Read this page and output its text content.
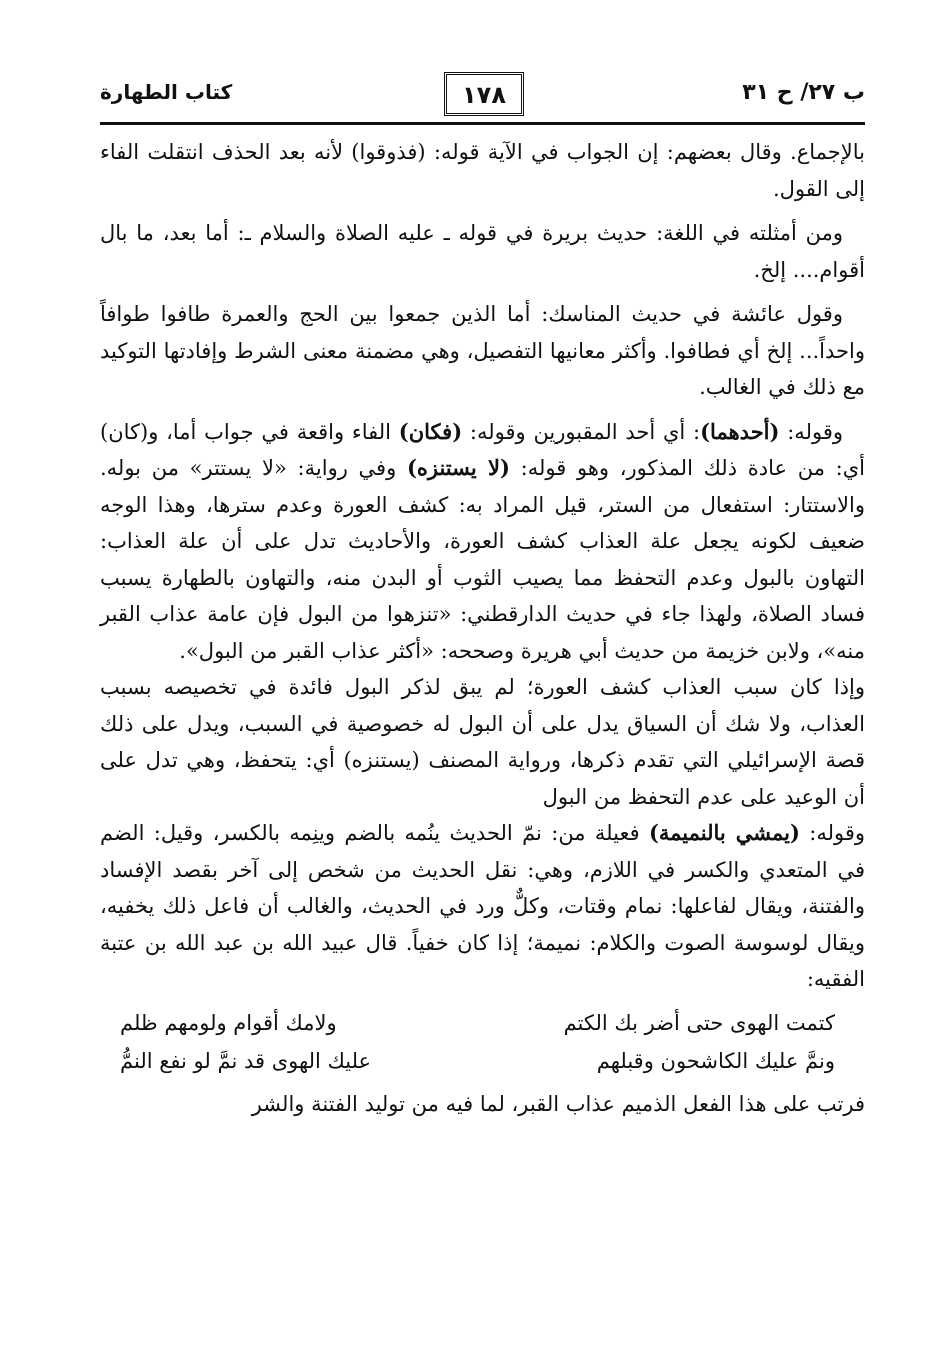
ب ٢٧/ ح ٣١
١٧٨
كتاب الطهارة

بالإجماع. وقال بعضهم: إن الجواب في الآية قوله: (فذوقوا) لأنه بعد الحذف انتقلت الفاء إلى القول.

ومن أمثلته في اللغة: حديث بريرة في قوله ـ عليه الصلاة والسلام ـ: أما بعد، ما بال أقوام.... إلخ.

وقول عائشة في حديث المناسك: أما الذين جمعوا بين الحج والعمرة طافوا طوافاً واحداً... إلخ أي فطافوا. وأكثر معانيها التفصيل، وهي مضمنة معنى الشرط وإفادتها التوكيد مع ذلك في الغالب.

وقوله: (أحدهما): أي أحد المقبورين وقوله: (فكان) الفاء واقعة في جواب أما، و(كان) أي: من عادة ذلك المذكور، وهو قوله: (لا يستنزه) وفي رواية: «لا يستتر» من بوله. والاستتار: استفعال من الستر، قيل المراد به: كشف العورة وعدم سترها، وهذا الوجه ضعيف لكونه يجعل علة العذاب كشف العورة، والأحاديث تدل على أن علة العذاب: التهاون بالبول وعدم التحفظ مما يصيب الثوب أو البدن منه، والتهاون بالطهارة يسبب فساد الصلاة، ولهذا جاء في حديث الدارقطني: «تنزهوا من البول فإن عامة عذاب القبر منه»، ولابن خزيمة من حديث أبي هريرة وصححه: «أكثر عذاب القبر من البول».

وإذا كان سبب العذاب كشف العورة؛ لم يبق لذكر البول فائدة في تخصيصه بسبب العذاب، ولا شك أن السياق يدل على أن البول له خصوصية في السبب، ويدل على ذلك قصة الإسرائيلي التي تقدم ذكرها، ورواية المصنف (يستنزه) أي: يتحفظ، وهي تدل على أن الوعيد على عدم التحفظ من البول

وقوله: (يمشي بالنميمة) فعيلة من: نمّ الحديث ينُمه بالضم وينِمه بالكسر، وقيل: الضم في المتعدي والكسر في اللازم، وهي: نقل الحديث من شخص إلى آخر بقصد الإفساد والفتنة، ويقال لفاعلها: نمام وقتات، وكلٌّ ورد في الحديث، والغالب أن فاعل ذلك يخفيه، ويقال لوسوسة الصوت والكلام: نميمة؛ إذا كان خفياً. قال عبيد الله بن عبد الله بن عتبة الفقيه:

كتمت الهوى حتى أضر بك الكتم
ولامك أقوام ولومهم ظلم
ونمَّ عليك الكاشحون وقبلهم
عليك الهوى قد نمَّ لو نفع النمُّ

فرتب على هذا الفعل الذميم عذاب القبر، لما فيه من توليد الفتنة والشر
